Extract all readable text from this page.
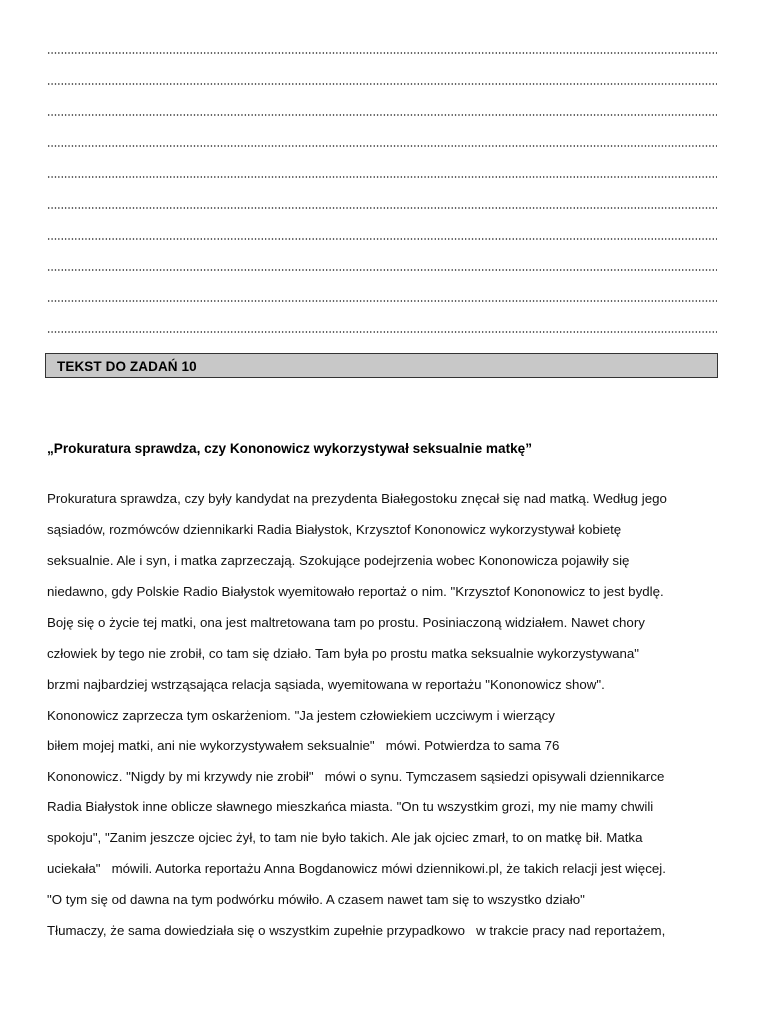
TEKST DO ZADAŃ 10
„Prokuratura sprawdza, czy Kononowicz wykorzystywał seksualnie matkę”
Prokuratura sprawdza, czy były kandydat na prezydenta Białegostoku znęcał się nad matką. Według jego
sąsiadów, rozmówców dziennikarki Radia Białystok, Krzysztof Kononowicz wykorzystywał kobietę
seksualnie. Ale i syn, i matka zaprzeczają. Szokujące podejrzenia wobec Kononowicza pojawiły się
niedawno, gdy Polskie Radio Białystok wyemitowało reportaż o nim. "Krzysztof Kononowicz to jest bydlę.
Boję się o życie tej matki, ona jest maltretowana tam po prostu. Posiniaczoną widziałem. Nawet chory
człowiek by tego nie zrobił, co tam się działo. Tam była po prostu matka seksualnie wykorzystywana"
brzmi najbardziej wstrząsająca relacja sąsiada, wyemitowana w reportażu "Kononowicz show".
Kononowicz zaprzecza tym oskarżeniom. "Ja jestem człowiekiem uczciwym i wierzący
biłem mojej matki, ani nie wykorzystywałem seksualnie"   mówi. Potwierdza to sama 76
Kononowicz. "Nigdy by mi krzywdy nie zrobił"   mówi o synu. Tymczasem sąsiedzi opisywali dziennikarce
Radia Białystok inne oblicze sławnego mieszkańca miasta. "On tu wszystkim grozi, my nie mamy chwili
spokoju", "Zanim jeszcze ojciec żył, to tam nie było takich. Ale jak ojciec zmarł, to on matkę bił. Matka
uciekała"   mówili. Autorka reportażu Anna Bogdanowicz mówi dziennikowi.pl, że takich relacji jest więcej.
"O tym się od dawna na tym podwórku mówiło. A czasem nawet tam się to wszystko działo"
Tłumaczy, że sama dowiedziała się o wszystkim zupełnie przypadkowo   w trakcie pracy nad reportażem,
